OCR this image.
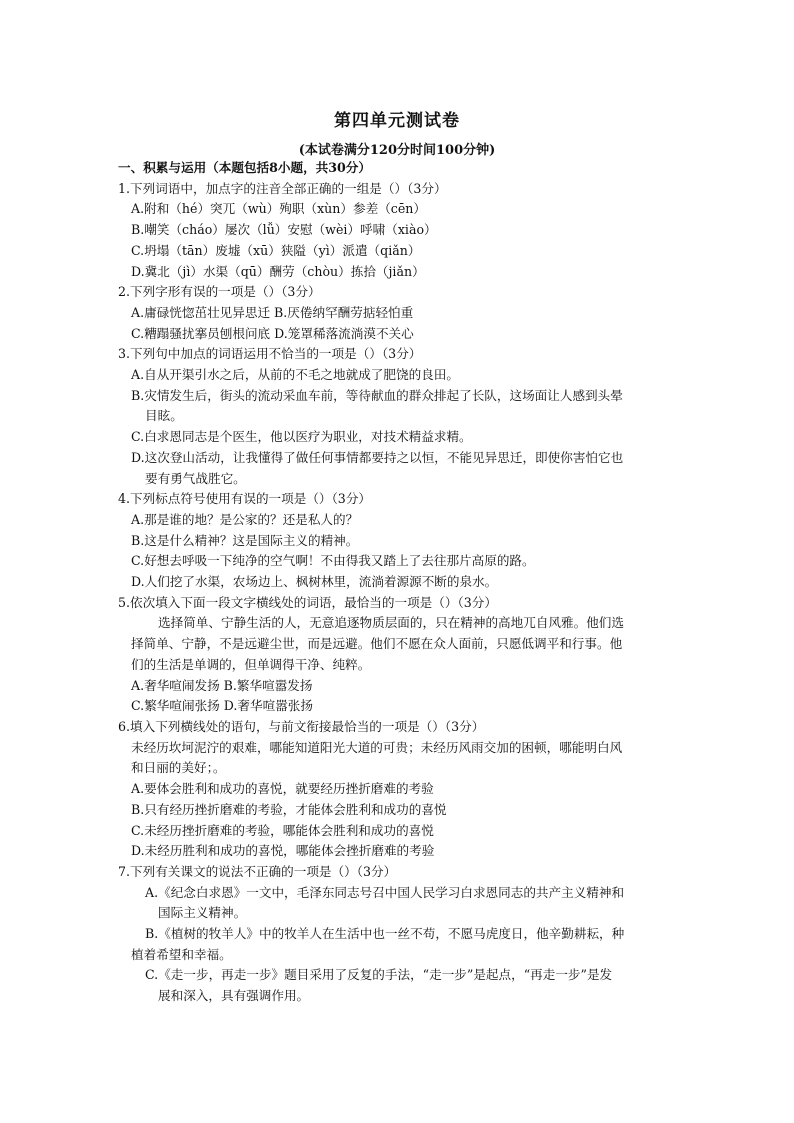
第四单元测试卷
(本试卷满分120分时间100分钟)
一、积累与运用（本题包括8小题，共30分）
1.下列词语中，加点字的注音全部正确的一组是（）（3分）
A.附和（hé）突兀（wù）殉职（xùn）参差（cēn）
B.嘲笑（cháo）屡次（lǚ）安慰（wèi）呼啸（xiào）
C.坍塌（tān）废墟（xū）狭隘（yì）派遣（qiǎn）
D.冀北（jì）水渠（qū）酬劳（chòu）拣拾（jiǎn）
2.下列字形有误的一项是（）（3分）
A.庸碌恍惚茁壮见异思迁 B.厌倦纳罕酬劳掂轻怕重
C.糟蹋骚扰搴员刨根问底 D.笼罩稀落流淌漠不关心
3.下列句中加点的词语运用不恰当的一项是（）（3分）
A.自从开渠引水之后，从前的不毛之地就成了肥饶的良田。
B.灾情发生后，街头的流动采血车前，等待献血的群众排起了长队，这场面让人感到头晕
目眩。
C.白求恩同志是个医生，他以医疗为职业，对技术精益求精。
D.这次登山活动，让我懂得了做任何事情都要持之以恒，不能见异思迁，即使你害怕它也
要有勇气战胜它。
4.下列标点符号使用有误的一项是（）（3分）
A.那是谁的地？是公家的？还是私人的？
B.这是什么精神？这是国际主义的精神。
C.好想去呼吸一下纯净的空气啊！不由得我又踏上了去往那片高原的路。
D.人们挖了水渠，农场边上、枫树林里，流淌着源源不断的泉水。
5.依次填入下面一段文字横线处的词语，最恰当的一项是（）（3分）
选择简单、宁静生活的人，无意追逐物质层面的，只在精神的高地兀自风雅。他们选
择简单、宁静，不是远避尘世，而是远避。他们不愿在众人面前，只愿低调平和行事。他
们的生活是单调的，但单调得干净、纯粹。
A.奢华喧闹发扬 B.繁华喧嚣发扬
C.繁华喧闹张扬 D.奢华喧嚣张扬
6.填入下列横线处的语句，与前文衔接最恰当的一项是（）（3分）
未经历坎坷泥泞的艰难，哪能知道阳光大道的可贵；未经历风雨交加的困顿，哪能明白风
和日丽的美好；。
A.要体会胜利和成功的喜悦，就要经历挫折磨难的考验
B.只有经历挫折磨难的考验，才能体会胜利和成功的喜悦
C.未经历挫折磨难的考验，哪能体会胜利和成功的喜悦
D.未经历胜利和成功的喜悦，哪能体会挫折磨难的考验
7.下列有关课文的说法不正确的一项是（）（3分）
A.《纪念白求恩》一文中，毛泽东同志号召中国人民学习白求恩同志的共产主义精神和
国际主义精神。
B.《植树的牧羊人》中的牧羊人在生活中也一丝不苟，不愿马虎度日，他辛勤耕耘，种
植着希望和幸福。
C.《走一步，再走一步》题目采用了反复的手法，“走一步”是起点，“再走一步”是发
展和深入，具有强调作用。
